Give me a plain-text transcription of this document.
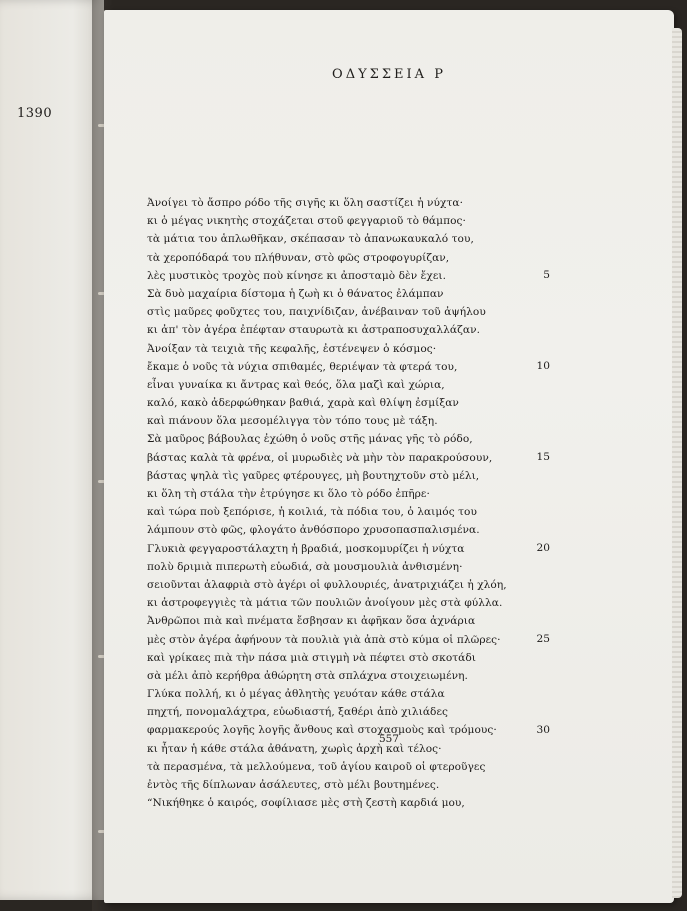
1390
ΟΔΥΣΣΕΙΑ Ρ
Ἀνοίγει τὸ ἄσπρο ρόδο τῆς σιγῆς κι ὅλη σαστίζει ἡ νύχτα·
κι ὁ μέγας νικητὴς στοχάζεται στοῦ φεγγαριοῦ τὸ θάμπος·
τὰ μάτια του ἁπλωθῆκαν, σκέπασαν τὸ ἀπανωκαυκαλό του,
τὰ χεροπόδαρά του πλήθυναν, στὸ φῶς στροφογυρίζαν,
λὲς μυστικὸς τροχὸς ποὺ κίνησε κι ἀποσταμὸ δὲν ἔχει.
Σὰ δυὸ μαχαίρια δίστομα ἡ ζωὴ κι ὁ θάνατος ἐλάμπαν
στὶς μαῦρες φοῦχτες του, παιχνίδιζαν, ἀνέβαιναν τοῦ ἀψήλου
κι ἀπ' τὸν ἀγέρα ἐπέφταν σταυρωτὰ κι ἀστραποσυχαλλάζαν.
Ἀνοίξαν τὰ τειχιὰ τῆς κεφαλῆς, ἐστένεψεν ὁ κόσμος·
ἔκαμε ὁ νοῦς τὰ νύχια σπιθαμές, θεριέψαν τὰ φτερά του,
εἶναι γυναίκα κι ἄντρας καὶ θεός, ὅλα μαζὶ καὶ χώρια,
καλό, κακὸ ἀδερφώθηκαν βαθιά, χαρὰ καὶ θλίψη ἐσμίξαν
καὶ πιάνουν ὅλα μεσομέλιγγα τὸν τόπο τους μὲ τάξη.
Σὰ μαῦρος βάβουλας ἐχώθη ὁ νοῦς στῆς μάνας γῆς τὸ ρόδο,
βάστας καλὰ τὰ φρένα, οἱ μυρωδιὲς νὰ μὴν τὸν παρακρούσουν,
βάστας ψηλὰ τὶς γαῦρες φτέρουγες, μὴ βουτηχτοῦν στὸ μέλι,
κι ὅλη τὴ στάλα τὴν ἐτρύγησε κι ὅλο τὸ ρόδο ἐπῆρε·
καὶ τώρα ποὺ ξεπόρισε, ἡ κοιλιά, τὰ πόδια του, ὁ λαιμός του
λάμπουν στὸ φῶς, φλογάτο ἀνθόσπορο χρυσοπασπαλισμένα.
Γλυκιὰ φεγγαροστάλαχτη ἡ βραδιά, μοσκομυρίζει ἡ νύχτα
πολὺ δριμιὰ πιπερωτὴ εὐωδιά, σὰ μουσμουλιὰ ἀνθισμένη·
σειοῦνται ἀλαφριὰ στὸ ἀγέρι οἱ φυλλουριές, ἀνατριχιάζει ἡ χλόη,
κι ἀστροφεγγιὲς τὰ μάτια τῶν πουλιῶν ἀνοίγουν μὲς στὰ φύλλα.
Ἀνθρῶποι πιὰ καὶ πνέματα ἔσβησαν κι ἀφῆκαν ὅσα ἀχνάρια
μὲς στὸν ἀγέρα ἀφήνουν τὰ πουλιὰ γιὰ ἀπὰ στὸ κύμα οἱ πλῶρες·
καὶ γρίκαες πιὰ τὴν πάσα μιὰ στιγμὴ νὰ πέφτει στὸ σκοτάδι
σὰ μέλι ἀπὸ κερήθρα ἀθώρητη στὰ σπλάχνα στοιχειωμένη.
Γλύκα πολλή, κι ὁ μέγας ἀθλητὴς γευόταν κάθε στάλα
πηχτή, πονομαλάχτρα, εὐωδιαστή, ξαθέρι ἀπὸ χιλιάδες
φαρμακερούς λογῆς λογῆς ἄνθους καὶ στοχασμοὺς καὶ τρόμους·
κι ἦταν ἡ κάθε στάλα ἀθάνατη, χωρὶς ἀρχὴ καὶ τέλος·
τὰ περασμένα, τὰ μελλούμενα, τοῦ ἁγίου καιροῦ οἱ φτεροῦγες
ἐντὸς τῆς δίπλωναν ἀσάλευτες, στὸ μέλι βουτημένες.
“Νικήθηκε ὁ καιρός, σοφίλιασε μὲς στὴ ζεστὴ καρδιά μου,
5
10
15
20
25
30
557
